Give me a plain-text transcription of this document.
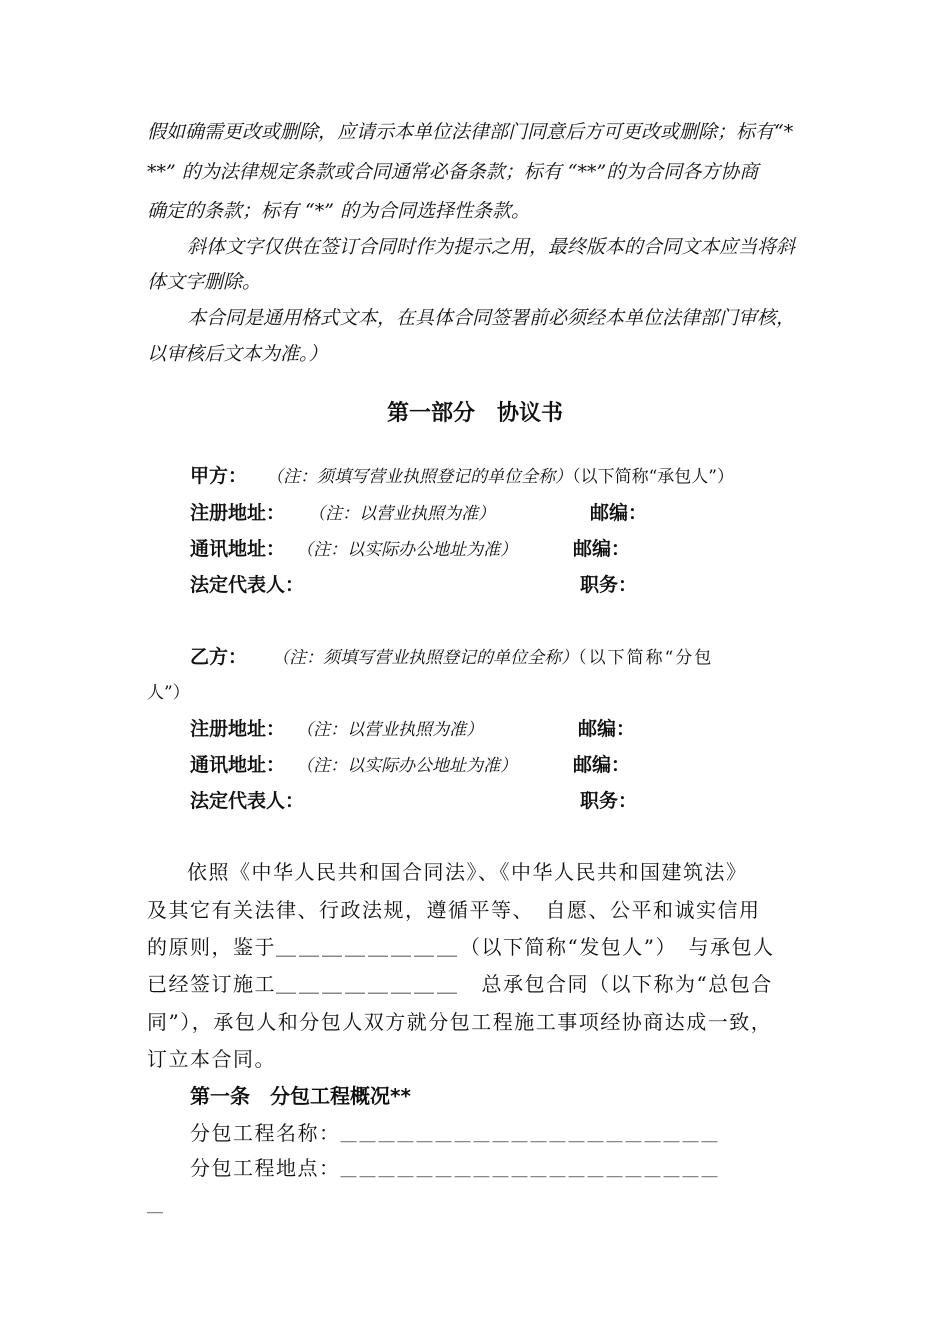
假如确需更改或删除，应请示本单位法律部门同意后方可更改或删除；标有“*
**” 的为法律规定条款或合同通常必备条款；标有 “**”的为合同各方协商
确定的条款；标有 “*” 的为合同选择性条款。
斜体文字仅供在签订合同时作为提示之用，最终版本的合同文本应当将斜
体文字删除。
本合同是通用格式文本，在具体合同签署前必须经本单位法律部门审核，
以审核后文本为准。）
第一部分　协议书
甲方： （注：须填写营业执照登记的单位全称）（以下简称“承包人”）
注册地址： （注：以营业执照为准）	邮编：
通讯地址： （注：以实际办公地址为准）	邮编：
法定代表人：	职务：
乙方： （注：须填写营业执照登记的单位全称）（以下简称“分包
人”）
注册地址： （注：以营业执照为准）	邮编：
通讯地址： （注：以实际办公地址为准）	邮编：
法定代表人：	职务：
依照《中华人民共和国合同法》、《中华人民共和国建筑法》
及其它有关法律、行政法规，遵循平等、　自愿、公平和诚实信用
的原则，鉴于＿＿＿＿＿＿＿＿（以下简称“发包人”）　与承包人
已经签订施工＿＿＿＿＿＿＿＿　总承包合同（以下称为“总包合
同”），承包人和分包人双方就分包工程施工事项经协商达成一致，
订立本合同。
第一条　分包工程概况**
分包工程名称：＿＿＿＿＿＿＿＿＿＿＿＿＿＿＿＿＿＿＿＿
分包工程地点：＿＿＿＿＿＿＿＿＿＿＿＿＿＿＿＿＿＿＿＿
＿
